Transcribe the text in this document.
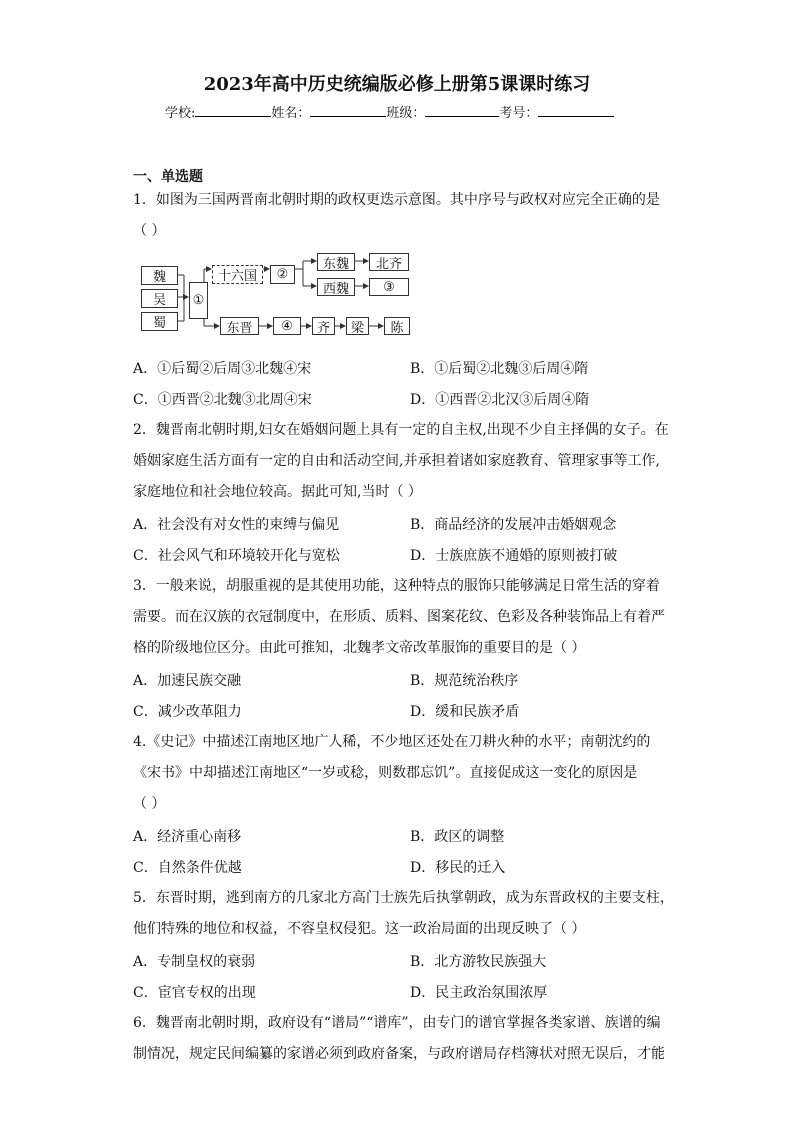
2023年高中历史统编版必修上册第5课课时练习
学校:	姓名：	班级：	考号：
一、单选题
1．如图为三国两晋南北朝时期的政权更迭示意图。其中序号与政权对应完全正确的是
（ ）
魏
吴
蜀
①
十六国	②
东魏	北齐
西魏	③
东晋	④	齐	梁	陈
A．①后蜀②后周③北魏④宋	B．①后蜀②北魏③后周④隋
C．①西晋②北魏③北周④宋	D．①西晋②北汉③后周④隋
2．魏晋南北朝时期,妇女在婚姻问题上具有一定的自主权,出现不少自主择偶的女子。在
婚姻家庭生活方面有一定的自由和活动空间,并承担着诸如家庭教育、管理家事等工作,
家庭地位和社会地位较高。据此可知,当时（ ）
A．社会没有对女性的束缚与偏见	B．商品经济的发展冲击婚姻观念
C．社会风气和环境较开化与宽松	D．士族庶族不通婚的原则被打破
3．一般来说，胡服重视的是其使用功能，这种特点的服饰只能够满足日常生活的穿着
需要。而在汉族的衣冠制度中，在形质、质料、图案花纹、色彩及各种装饰品上有着严
格的阶级地位区分。由此可推知，北魏孝文帝改革服饰的重要目的是（ ）
A．加速民族交融	B．规范统治秩序
C．减少改革阻力	D．缓和民族矛盾
4.《史记》中描述江南地区地广人稀，不少地区还处在刀耕火种的水平；南朝沈约的
《宋书》中却描述江南地区“一岁或稔，则数郡忘饥”。直接促成这一变化的原因是
（ ）
A．经济重心南移	B．政区的调整
C．自然条件优越	D．移民的迁入
5．东晋时期，逃到南方的几家北方高门士族先后执掌朝政，成为东晋政权的主要支柱，
他们特殊的地位和权益，不容皇权侵犯。这一政治局面的出现反映了（ ）
A．专制皇权的衰弱	B．北方游牧民族强大
C．宦官专权的出现	D．民主政治氛围浓厚
6．魏晋南北朝时期，政府设有“谱局”“谱库”，由专门的谱官掌握各类家谱、族谱的编
制情况，规定民间编纂的家谱必须到政府备案，与政府谱局存档簿状对照无误后，才能
